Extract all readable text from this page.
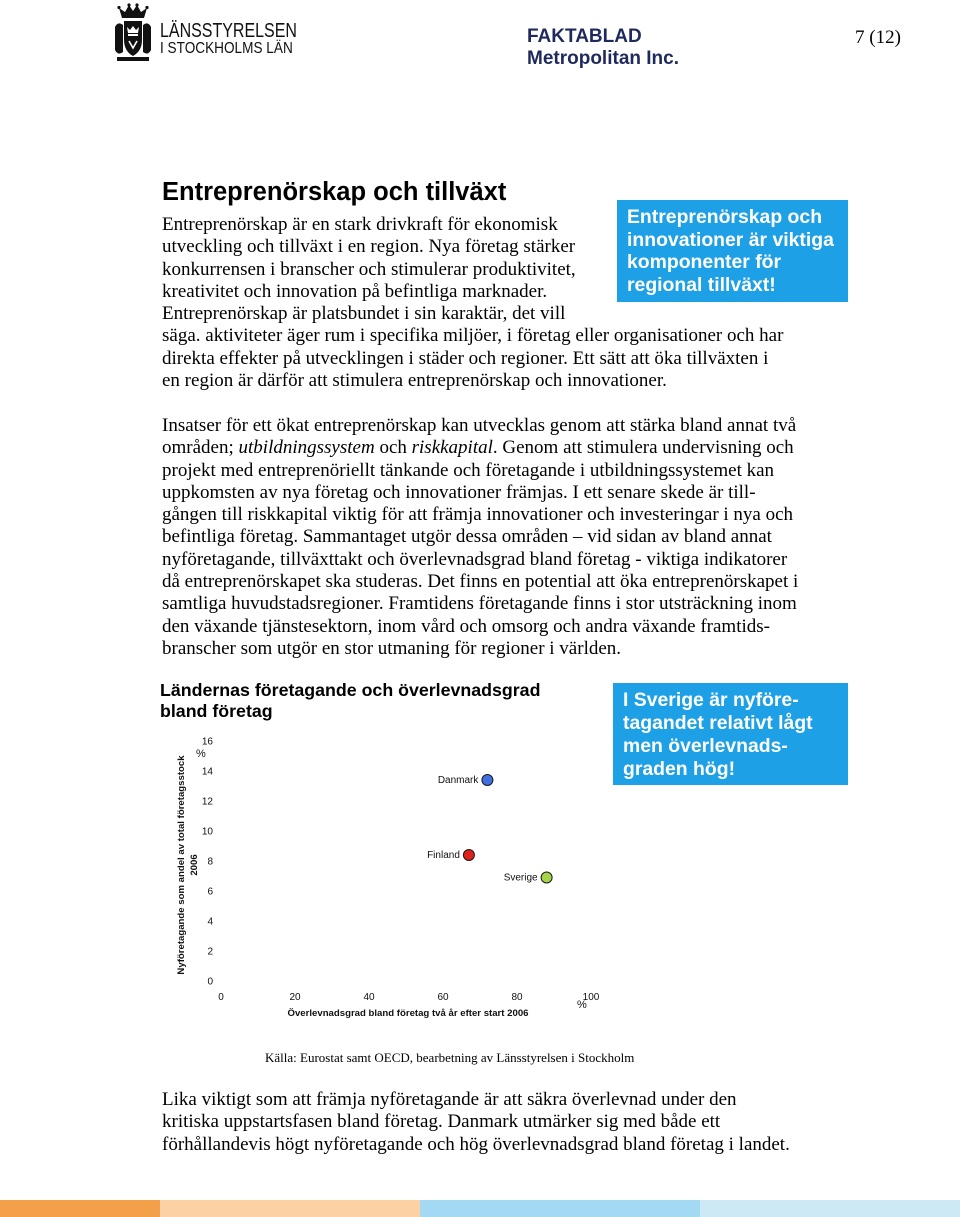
LÄNSSTYRELSEN
I STOCKHOLMS LÄN
FAKTABLAD
Metropolitan Inc.
7 (12)
Entreprenörskap och tillväxt
Entreprenörskap är en stark drivkraft för ekonomisk
utveckling och tillväxt i en region. Nya företag stärker
konkurrensen i branscher och stimulerar produktivitet,
kreativitet och innovation på befintliga marknader.
Entreprenörskap är platsbundet i sin karaktär, det vill
säga. aktiviteter äger rum i specifika miljöer, i företag eller organisationer och har
direkta effekter på utvecklingen i städer och regioner. Ett sätt att öka tillväxten i
en region är därför att stimulera entreprenörskap och innovationer.
Entreprenörskap och
innovationer är viktiga
komponenter för
regional tillväxt!
Insatser för ett ökat entreprenörskap kan utvecklas genom att stärka bland annat två
områden; utbildningssystem och riskkapital. Genom att stimulera undervisning och
projekt med entreprenöriellt tänkande och företagande i utbildningssystemet kan
uppkomsten av nya företag och innovationer främjas. I ett senare skede är till-
gången till riskkapital viktig för att främja innovationer och investeringar i nya och
befintliga företag. Sammantaget utgör dessa områden – vid sidan av bland annat
nyföretagande, tillväxttakt och överlevnadsgrad bland företag - viktiga indikatorer
då entreprenörskapet ska studeras. Det finns en potential att öka entreprenörskapet i
samtliga huvudstadsregioner. Framtidens företagande finns i stor utsträckning inom
den växande tjänstesektorn, inom vård och omsorg och andra växande framtids-
branscher som utgör en stor utmaning för regioner i världen.
Ländernas företagande och överlevnadsgrad
bland företag	I Sverige är nyföre-
tagandet relativt lågt
men överlevnads-
graden hög!
16
14
12
10
8
6
4
2
0
0	20	40	60	80	100
Danmark
Finland
Sverige
%
%
Överlevnadsgrad bland företag två år efter start 2006
Nyföretagande som andel av total företagsstock 2006
Källa: Eurostat samt OECD, bearbetning av Länsstyrelsen i Stockholm
Lika viktigt som att främja nyföretagande är att säkra överlevnad under den
kritiska uppstartsfasen bland företag. Danmark utmärker sig med både ett
förhållandevis högt nyföretagande och hög överlevnadsgrad bland företag i landet.
